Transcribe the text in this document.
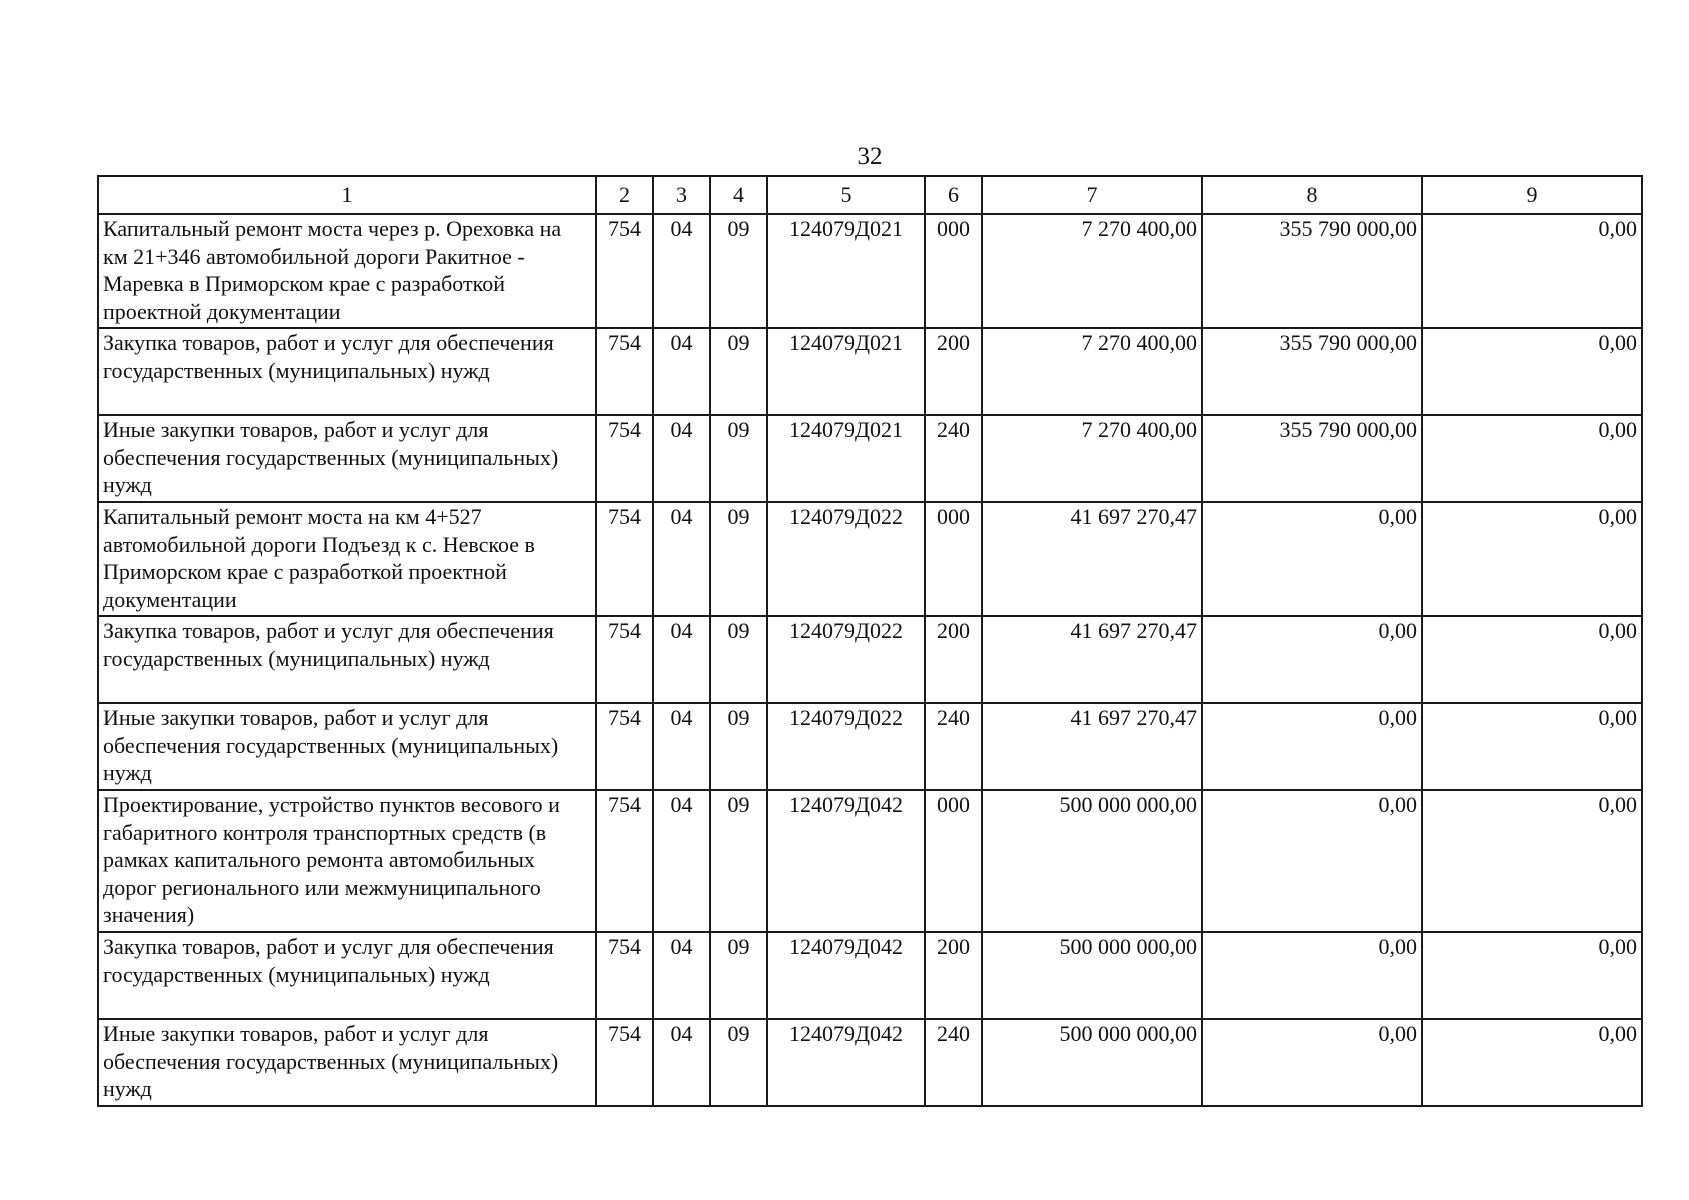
32
1	2	3	4	5	6	7	8	9
Капитальный ремонт моста через р. Ореховка на км 21+346 автомобильной дороги Ракитное - Маревка в Приморском крае с разработкой проектной документации	754	04	09	124079Д021	000	7 270 400,00	355 790 000,00	0,00
Закупка товаров, работ и услуг для обеспечения государственных (муниципальных) нужд	754	04	09	124079Д021	200	7 270 400,00	355 790 000,00	0,00
Иные закупки товаров, работ и услуг для обеспечения государственных (муниципальных) нужд	754	04	09	124079Д021	240	7 270 400,00	355 790 000,00	0,00
Капитальный ремонт моста на км 4+527 автомобильной дороги Подъезд к с. Невское в Приморском крае с разработкой проектной документации	754	04	09	124079Д022	000	41 697 270,47	0,00	0,00
Закупка товаров, работ и услуг для обеспечения государственных (муниципальных) нужд	754	04	09	124079Д022	200	41 697 270,47	0,00	0,00
Иные закупки товаров, работ и услуг для обеспечения государственных (муниципальных) нужд	754	04	09	124079Д022	240	41 697 270,47	0,00	0,00
Проектирование, устройство пунктов весового и габаритного контроля транспортных средств (в рамках капитального ремонта автомобильных дорог регионального или межмуниципального значения)	754	04	09	124079Д042	000	500 000 000,00	0,00	0,00
Закупка товаров, работ и услуг для обеспечения государственных (муниципальных) нужд	754	04	09	124079Д042	200	500 000 000,00	0,00	0,00
Иные закупки товаров, работ и услуг для обеспечения государственных (муниципальных) нужд	754	04	09	124079Д042	240	500 000 000,00	0,00	0,00
